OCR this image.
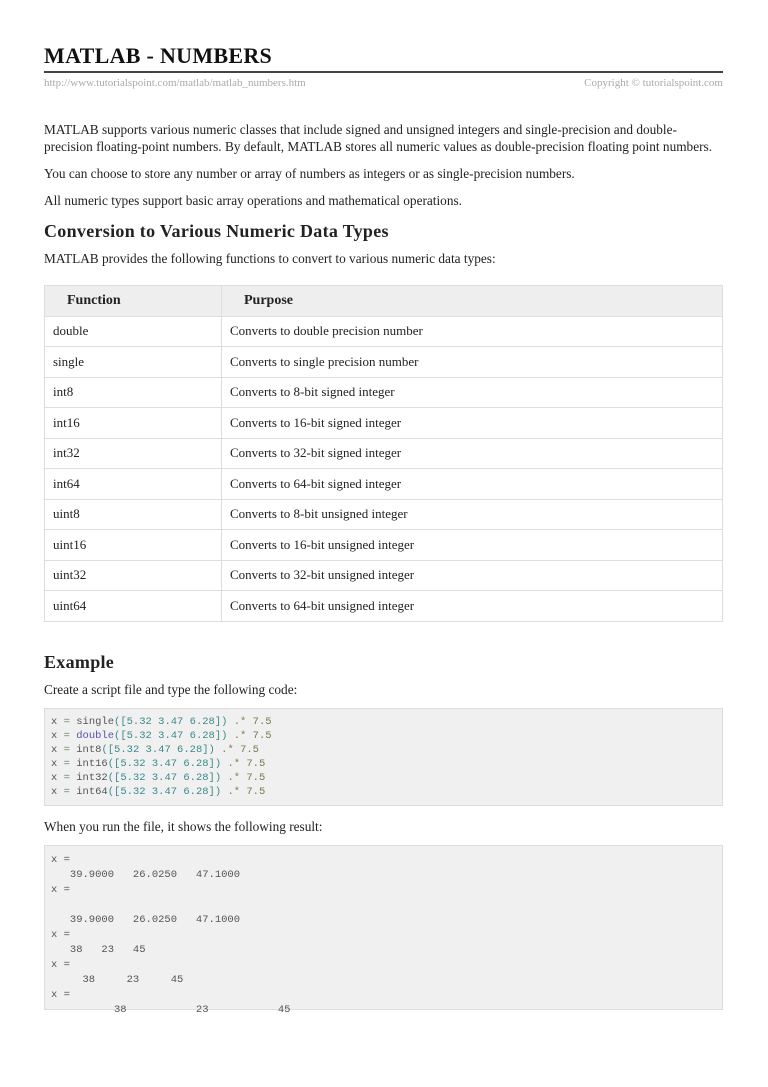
MATLAB - NUMBERS
http://www.tutorialspoint.com/matlab/matlab_numbers.htm	Copyright © tutorialspoint.com

MATLAB supports various numeric classes that include signed and unsigned integers and single-precision and double-precision floating-point numbers. By default, MATLAB stores all numeric values as double-precision floating point numbers.

You can choose to store any number or array of numbers as integers or as single-precision numbers.

All numeric types support basic array operations and mathematical operations.

Conversion to Various Numeric Data Types

MATLAB provides the following functions to convert to various numeric data types:

Function	Purpose
double	Converts to double precision number
single	Converts to single precision number
int8	Converts to 8-bit signed integer
int16	Converts to 16-bit signed integer
int32	Converts to 32-bit signed integer
int64	Converts to 64-bit signed integer
uint8	Converts to 8-bit unsigned integer
uint16	Converts to 16-bit unsigned integer
uint32	Converts to 32-bit unsigned integer
uint64	Converts to 64-bit unsigned integer
Example

Create a script file and type the following code:

x = single([5.32 3.47 6.28]) .* 7.5
x = double([5.32 3.47 6.28]) .* 7.5
x = int8([5.32 3.47 6.28]) .* 7.5
x = int16([5.32 3.47 6.28]) .* 7.5
x = int32([5.32 3.47 6.28]) .* 7.5
x = int64([5.32 3.47 6.28]) .* 7.5

When you run the file, it shows the following result:

x =
39.9000   26.0250   47.1000
x =

39.9000   26.0250   47.1000
x =
38   23   45
x =
38     23     45
x =
38           23           45
